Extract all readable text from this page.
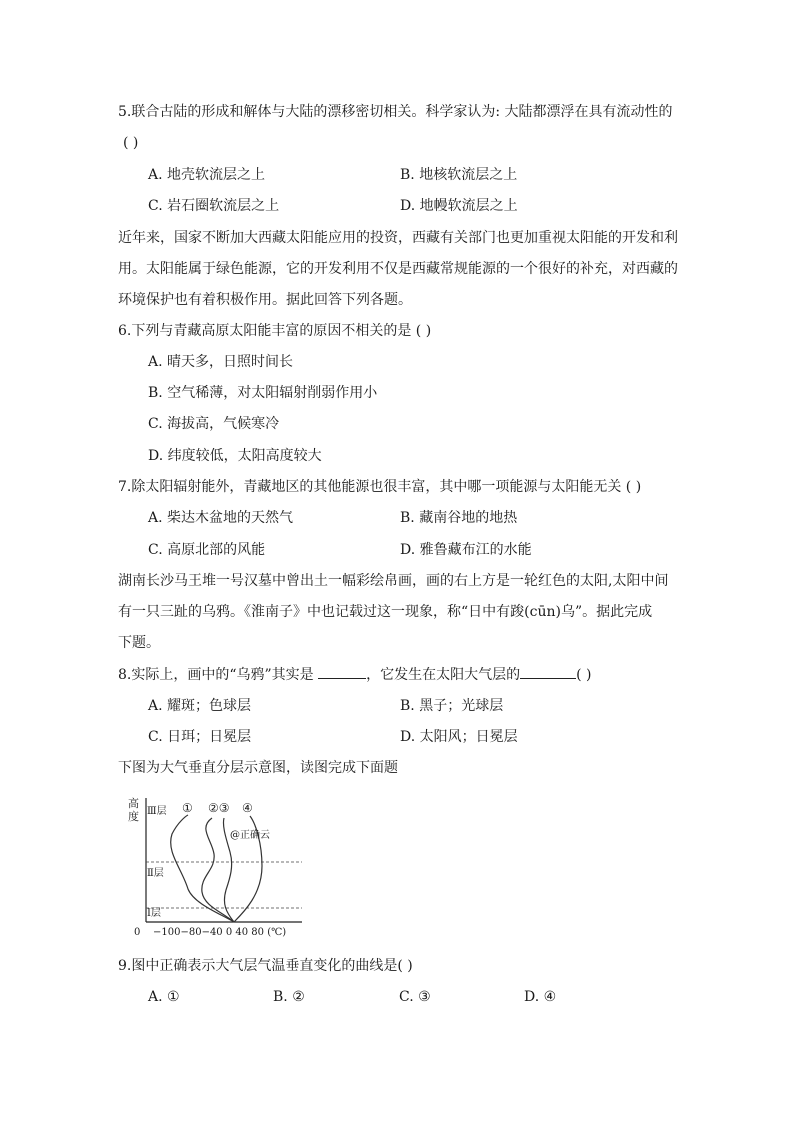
5.联合古陆的形成和解体与大陆的漂移密切相关。科学家认为: 大陆都漂浮在具有流动性的
( )
A. 地壳软流层之上	B. 地核软流层之上
C. 岩石圈软流层之上	D. 地幔软流层之上
近年来，国家不断加大西藏太阳能应用的投资，西藏有关部门也更加重视太阳能的开发和利
用。太阳能属于绿色能源，它的开发利用不仅是西藏常规能源的一个很好的补充，对西藏的
环境保护也有着积极作用。据此回答下列各题。
6.下列与青藏高原太阳能丰富的原因不相关的是 ( )
A. 晴天多，日照时间长
B. 空气稀薄，对太阳辐射削弱作用小
C. 海拔高，气候寒冷
D. 纬度较低，太阳高度较大
7.除太阳辐射能外，青藏地区的其他能源也很丰富，其中哪一项能源与太阳能无关 ( )
A. 柴达木盆地的天然气	B. 藏南谷地的地热
C. 高原北部的风能	D. 雅鲁藏布江的水能
湖南长沙马王堆一号汉墓中曾出土一幅彩绘帛画，画的右上方是一轮红色的太阳,太阳中间
有一只三趾的乌鸦。《淮南子》中也记载过这一现象，称“日中有踆(cūn)乌”。据此完成
下题。
8.实际上，画中的“乌鸦”其实是	，它发生在太阳大气层的	( )
A. 耀斑；色球层	B. 黑子；光球层
C. 日珥；日冕层	D. 太阳风；日冕层
下图为大气垂直分层示意图，读图完成下面题
高
度 Ⅲ层
Ⅱ层
Ⅰ层
① ②③ ④
@正确云
0 −100−80−40 0 40 80 (℃)
9.图中正确表示大气层气温垂直变化的曲线是( )
A. ①	B. ②	C. ③	D. ④
